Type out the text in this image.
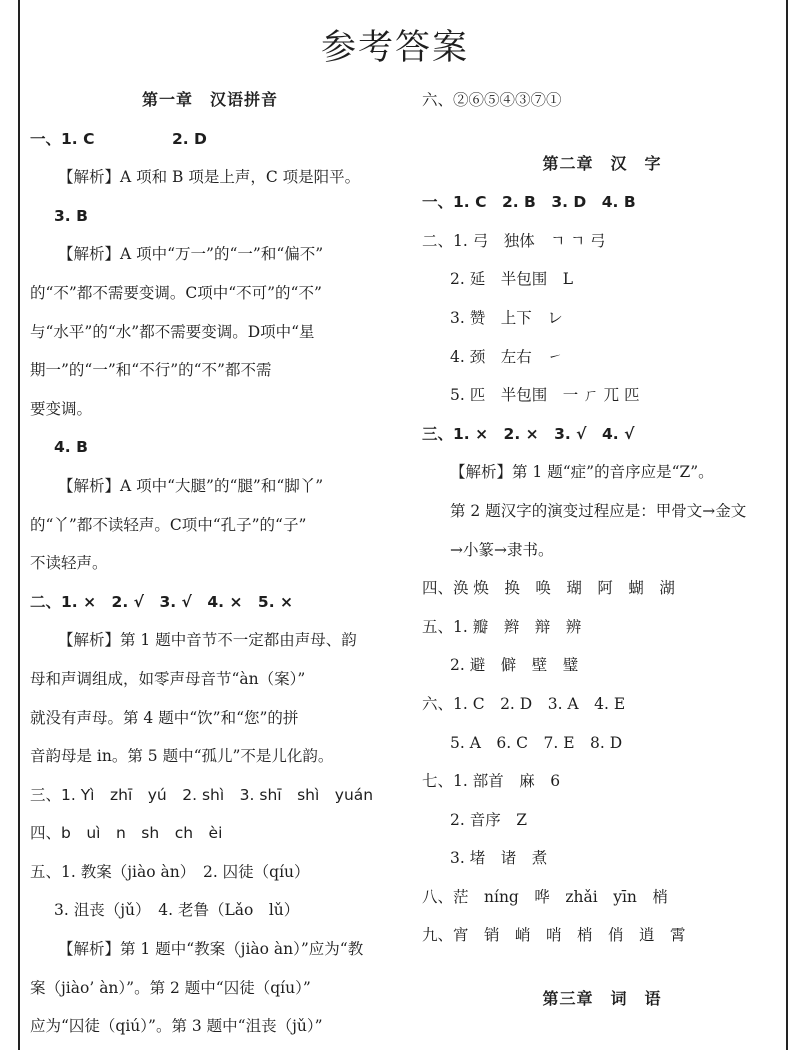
参考答案
第一章　汉语拼音
一、1. C　　　　　2. D
【解析】A 项和 B 项是上声，C 项是阳平。
3. B
【解析】A 项中“万一”的“一”和“偏不”
的“不”都不需要变调。C项中“不可”的“不”
与“水平”的“水”都不需要变调。D项中“星
期一”的“一”和“不行”的“不”都不需
要变调。
4. B
【解析】A 项中“大腿”的“腿”和“脚丫”
的“丫”都不读轻声。C项中“孔子”的“子”
不读轻声。
二、1. ×　2. √　3. √　4. ×　5. ×
【解析】第 1 题中音节不一定都由声母、韵
母和声调组成，如零声母音节“àn（案）”
就没有声母。第 4 题中“饮”和“您”的拼
音韵母是 in。第 5 题中“孤儿”不是儿化韵。
三、1. Yì　zhī　yú　2. shì　3. shī　shì　yuán
四、b　uì　n　sh　ch　èi
五、1. 教案（jiào àn）　2. 囚徒（qíu）
3. 沮丧（jǔ）　4. 老鲁（Lǎo　lǔ）
【解析】第 1 题中“教案（jiào àn）”应为“教
案（jiào’ àn）”。第 2 题中“囚徒（qíu）”
应为“囚徒（qiú）”。第 3 题中“沮丧（jǔ）”
六、②⑥⑤④③⑦①
第二章　汉　字
一、1. C　2. B　3. D　4. B
二、1. 弓　独体　ㄱ ㄱ 弓
2. 延　半包围　L
3. 赞　上下　レ
4. 颈　左右　㇀
5. 匹　半包围　一 ㄏ 兀 匹
三、1. ×　2. ×　3. √　4. √
【解析】第 1 题“症”的音序应是“Z”。
第 2 题汉字的演变过程应是：甲骨文→金文
→小篆→隶书。
四、涣 焕　换　唤　瑚　阿　蝴　湖
五、1. 瓣　辫　辩　辨
2. 避　僻　壁　璧
六、1. C　2. D　3. A　4. E
5. A　6. C　7. E　8. D
七、1. 部首　麻　6
2. 音序　Z
3. 堵　诸　煮
八、茫　níng　哗　zhǎi　yīn　梢
九、宵　销　峭　哨　梢　俏　逍　霄
第三章　词　语
